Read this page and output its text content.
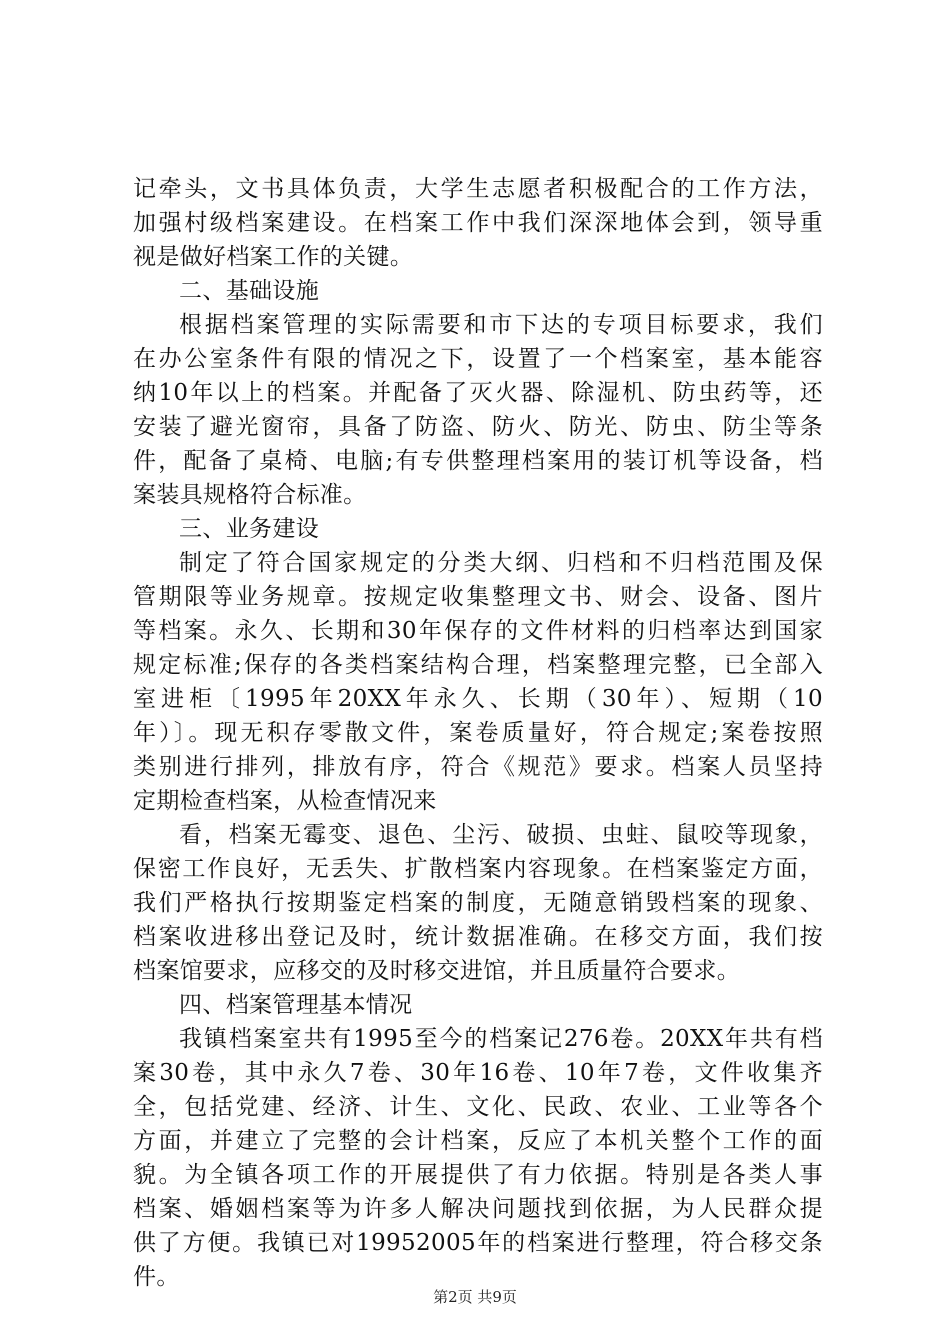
记牵头，文书具体负责，大学生志愿者积极配合的工作方法，
加强村级档案建设。在档案工作中我们深深地体会到，领导重
视是做好档案工作的关键。
二、基础设施
根据档案管理的实际需要和市下达的专项目标要求，我们
在办公室条件有限的情况之下，设置了一个档案室，基本能容
纳10年以上的档案。并配备了灭火器、除湿机、防虫药等，还
安装了避光窗帘，具备了防盗、防火、防光、防虫、防尘等条
件，配备了桌椅、电脑;有专供整理档案用的装订机等设备，档
案装具规格符合标准。
三、业务建设
制定了符合国家规定的分类大纲、归档和不归档范围及保
管期限等业务规章。按规定收集整理文书、财会、设备、图片
等档案。永久、长期和30年保存的文件材料的归档率达到国家
规定标准;保存的各类档案结构合理，档案整理完整，已全部入
室进柜〔1995年20XX年永久、长期（30年）、短期（10
年）〕。现无积存零散文件，案卷质量好，符合规定;案卷按照
类别进行排列，排放有序，符合《规范》要求。档案人员坚持
定期检查档案，从检查情况来
看，档案无霉变、退色、尘污、破损、虫蛀、鼠咬等现象，
保密工作良好，无丢失、扩散档案内容现象。在档案鉴定方面，
我们严格执行按期鉴定档案的制度，无随意销毁档案的现象、
档案收进移出登记及时，统计数据准确。在移交方面，我们按
档案馆要求，应移交的及时移交进馆，并且质量符合要求。
四、档案管理基本情况
我镇档案室共有1995至今的档案记276卷。20XX年共有档
案30卷，其中永久7卷、30年16卷、10年7卷，文件收集齐
全，包括党建、经济、计生、文化、民政、农业、工业等各个
方面，并建立了完整的会计档案，反应了本机关整个工作的面
貌。为全镇各项工作的开展提供了有力依据。特别是各类人事
档案、婚姻档案等为许多人解决问题找到依据，为人民群众提
供了方便。我镇已对19952005年的档案进行整理，符合移交条
件。
第2页 共9页
